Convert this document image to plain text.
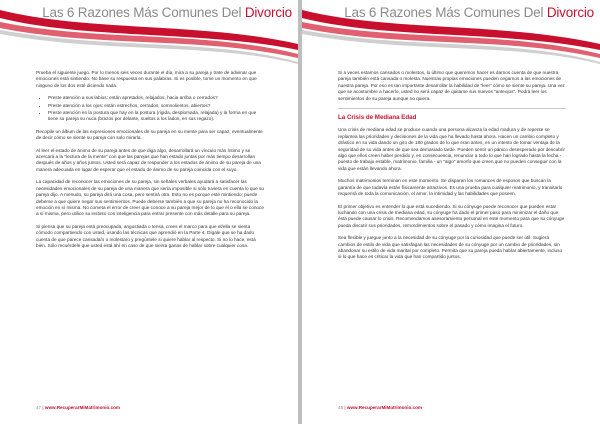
Las 6 Razones Más Comunes Del Divorcio

Prueba el siguiente juego. Por lo menos seis veces durante el día, mira a su pareja y trate de adivinar que emociones está sintiendo. No base su respuesta en sus palabras. Si es posible, tome un momento en que ninguno de los dos esté diciendo nada.

• Preste atención a sus labios: están apretados, relajados, hacia arriba o cerrados?
• Preste atención a los ojos: están estrechos, cerrados, somnolientos, abiertos?
• Preste atención en la postura que hay en la postura (rigida, desplomada, relajada) y la forma en que tiene su pareja su nuca (brazos por delante, sueltos a los lados, en sus regazo).

Recopile un álbum de las expresiones emocionales de su pareja en su mente para ser capaz, eventualmente de decir cómo se siente su pareja con solo mirarla.

Al leer el estado de ánimo de su pareja antes de que diga algo, desarrollará un vínculo más íntimo y se acercará a la "lectura de la mente" con que las parejas que han estado juntas por más tiempo desarrollan después de años y años juntos. Usted será capaz de responder a los estados de ánimo de su pareja de una manera adecuada en lugar de esperar que el estado de ánimo de su pareja coincida con el suyo.

La capacidad de reconocer las emociones de su pareja, sin señales verbales ayudará a satisfacer las necesidades emocionales de su pareja de una manera que sería imposible si sólo tuviera en cuenta lo que su pareja dijo. A menudo, su pareja dirá una cosa, pero sentirá otra. Esto no es porque esté mintiendo; puede deberse a que quiere negar sus sentimientos. Puede deberse también a que su pareja no ha reconocido la emoción en sí misma. No cometa el error de creer que conoce a su pareja mejor de lo que él o ella se conoce a sí misma, pero utilice su instinto con inteligencia para entrar presente con más detalle para su pareja.

Si piensa que su pareja está preocupada, angustiada o tensa, crees el marco para que el/ella se sienta cómodo compartiendo con usted, usando las técnicas que aprendió en la Parte 4. Dígale que se ha dado cuenta de que parece cansada/o o molesta/o y pregúntele si quiere hablar al respecto. Si no lo hace, está bien. Sólo recuérdele que usted está ahí en caso de que sienta ganas de hablar sobre cualquier cosa.

47 | www.RecuperarMiMatrimonio.com
Las 6 Razones Más Comunes Del Divorcio

Si a veces estamos cansados o molestos, lo último que queremos hacer es darnos cuenta de que nuestra pareja también está cansada o molesta. Nuestras propias emociones pueden cegarnos a las emociones de nuestra pareja. Por eso es tan importante desarrollar la habilidad de "leer" cómo se siente su pareja. Una vez que se acostumbre a hacerlo, usted no será capaz de quitarse sus nuevos "anteojos". Podrá leer los sentimientos de su pareja aunque no quiera.

La Crisis de Mediana Edad

Una crisis de mediana edad se produce cuando una persona alcanza la edad madura y de repente se replantea las prioridades y decisiones de la vida que ha llevado hasta ahora. Hacen un cambio completo y drástico en su vida dando un giro de 180 grados de lo que eran antes, en un intento de tomar ventaja de la seguridad de su vida antes de que sea demasiado tarde. Pueden sentir un pánico desesperado por descubrir algo que ellos creen haber perdido y, en consecuencia, renunciar a todo lo que han logrado hasta la fecha - puesto de trabajo estable, matrimonio, familia - un "algo" amorfo que creen que no pueden conseguir con la vida que están llevando ahora.

Muchos matrimonios terminan en este momento. Se disparan los romances de esposos que buscan la garantía de que todavía están físicamente atractivos. Es una prueba para cualquier matrimonio, y transitarlo requerirá de toda la comunicación, el amor, la intimidad y las habilidades que poseen.

El primer objetivo es entender lo que está sucediendo. Si su cónyuge puede reconocer que pueden estar luchando con una crisis de mediana edad, su cónyuge ha dado el primer paso para minimizar el daño que ésta puede causar lo crisis. Recomendamos asesoramiento personal en este momento para que su cónyuge pueda discutir sus prioridades, remordimientos sobre el pasado y cómo imagina el futuro.

Sea flexible y juegue junto a la necesidad de su cónyuge por la curiosidad que puede ser útil. Sugiera cambios de estilo de vida que satisfagan las necesidades de su cónyuge por un cambio de prioridades, sin abandonar su estilo de vida marital por completo. Permita que su pareja pueda hablar abiertamente, incluso si lo que hace es criticar la vida que han compartido juntos.

48 | www.RecuperarMiMatrimonio.com
